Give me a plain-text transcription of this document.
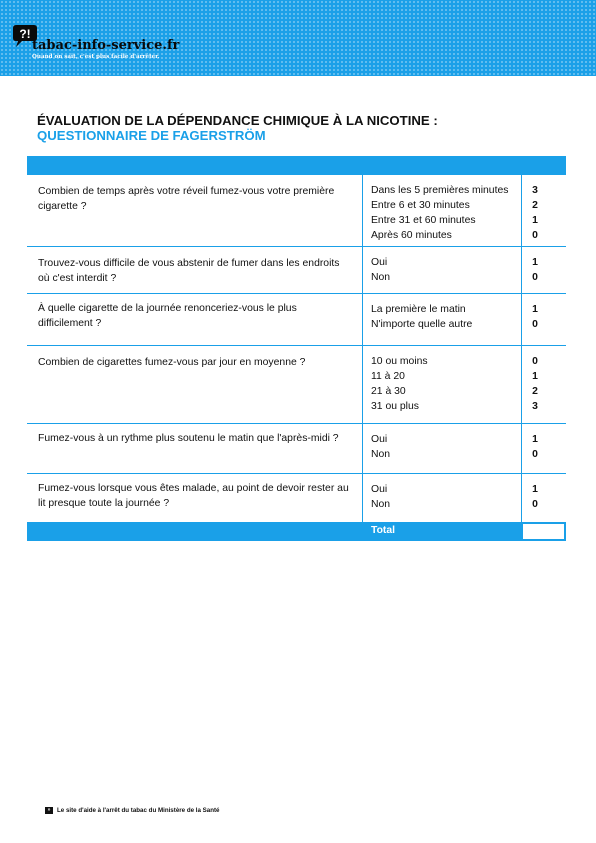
?!
tabac-info-service.fr
Quand on sait, c'est plus facile d'arrêter.
ÉVALUATION DE LA DÉPENDANCE CHIMIQUE À LA NICOTINE :
QUESTIONNAIRE DE FAGERSTRÖM
Combien de temps après votre réveil fumez-vous votre première cigarette ?
Dans les 5 premières minutes
Entre 6 et 30 minutes
Entre 31 et 60 minutes
Après 60 minutes
3
2
1
0
Trouvez-vous difficile de vous abstenir de fumer dans les endroits où c'est interdit ?
Oui
Non
1
0
À quelle cigarette de la journée renonceriez-vous le plus difficilement ?
La première le matin
N'importe quelle autre
1
0
Combien de cigarettes fumez-vous par jour en moyenne ?	10 ou moins
11 à 20
21 à 30
31 ou plus
0
1
2
3
Fumez-vous à un rythme plus soutenu le matin que l'après-midi ?	Oui
Non
1
0
Fumez-vous lorsque vous êtes malade, au point de devoir rester au lit presque toute la journée ?
Oui
Non
1
0
Total
» Le site d'aide à l'arrêt du tabac du Ministère de la Santé
